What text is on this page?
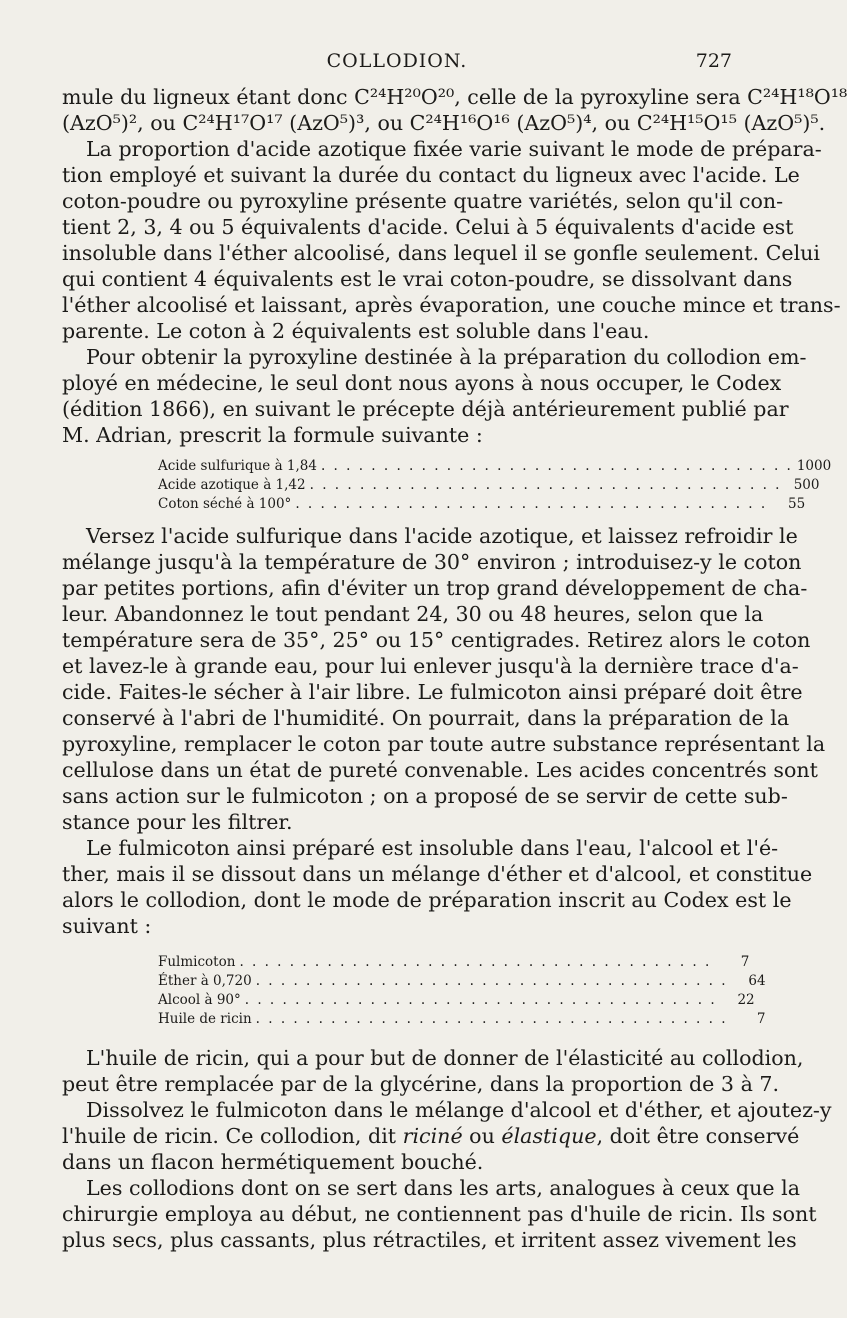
COLLODION.	727
mule du ligneux étant donc C²⁴H²⁰O²⁰, celle de la pyroxyline sera C²⁴H¹⁸O¹⁸
(AzO⁵)², ou C²⁴H¹⁷O¹⁷ (AzO⁵)³, ou C²⁴H¹⁶O¹⁶ (AzO⁵)⁴, ou C²⁴H¹⁵O¹⁵ (AzO⁵)⁵.
La proportion d'acide azotique fixée varie suivant le mode de prépara-
tion employé et suivant la durée du contact du ligneux avec l'acide. Le
coton-poudre ou pyroxyline présente quatre variétés, selon qu'il con-
tient 2, 3, 4 ou 5 équivalents d'acide. Celui à 5 équivalents d'acide est
insoluble dans l'éther alcoolisé, dans lequel il se gonfle seulement. Celui
qui contient 4 équivalents est le vrai coton-poudre, se dissolvant dans
l'éther alcoolisé et laissant, après évaporation, une couche mince et trans-
parente. Le coton à 2 équivalents est soluble dans l'eau.
Pour obtenir la pyroxyline destinée à la préparation du collodion em-
ployé en médecine, le seul dont nous ayons à nous occuper, le Codex
(édition 1866), en suivant le précepte déjà antérieurement publié par
M. Adrian, prescrit la formule suivante :
Acide sulfurique à 1,84 . . . . . . . . . . . . . . . . . . . . . . . . . . . . . . . . . . . . . . 1000
Acide azotique à 1,42 . . . . . . . . . . . . . . . . . . . . . . . . . . . . . . . . . . . . . . 500
Coton séché à 100° . . . . . . . . . . . . . . . . . . . . . . . . . . . . . . . . . . . . . .	55
Versez l'acide sulfurique dans l'acide azotique, et laissez refroidir le
mélange jusqu'à la température de 30° environ ; introduisez-y le coton
par petites portions, afin d'éviter un trop grand développement de cha-
leur. Abandonnez le tout pendant 24, 30 ou 48 heures, selon que la
température sera de 35°, 25° ou 15° centigrades. Retirez alors le coton
et lavez-le à grande eau, pour lui enlever jusqu'à la dernière trace d'a-
cide. Faites-le sécher à l'air libre. Le fulmicoton ainsi préparé doit être
conservé à l'abri de l'humidité. On pourrait, dans la préparation de la
pyroxyline, remplacer le coton par toute autre substance représentant la
cellulose dans un état de pureté convenable. Les acides concentrés sont
sans action sur le fulmicoton ; on a proposé de se servir de cette sub-
stance pour les filtrer.
Le fulmicoton ainsi préparé est insoluble dans l'eau, l'alcool et l'é-
ther, mais il se dissout dans un mélange d'éther et d'alcool, et constitue
alors le collodion, dont le mode de préparation inscrit au Codex est le
suivant :
Fulmicoton . . . . . . . . . . . . . . . . . . . . . . . . . . . . . . . . . . . . . .	7
Éther à 0,720 . . . . . . . . . . . . . . . . . . . . . . . . . . . . . . . . . . . . . .	64
Alcool à 90° . . . . . . . . . . . . . . . . . . . . . . . . . . . . . . . . . . . . . .	22
Huile de ricin . . . . . . . . . . . . . . . . . . . . . . . . . . . . . . . . . . . . . .	7
L'huile de ricin, qui a pour but de donner de l'élasticité au collodion,
peut être remplacée par de la glycérine, dans la proportion de 3 à 7.
Dissolvez le fulmicoton dans le mélange d'alcool et d'éther, et ajoutez-y
l'huile de ricin. Ce collodion, dit riciné ou élastique, doit être conservé
dans un flacon hermétiquement bouché.
Les collodions dont on se sert dans les arts, analogues à ceux que la
chirurgie employa au début, ne contiennent pas d'huile de ricin. Ils sont
plus secs, plus cassants, plus rétractiles, et irritent assez vivement les
